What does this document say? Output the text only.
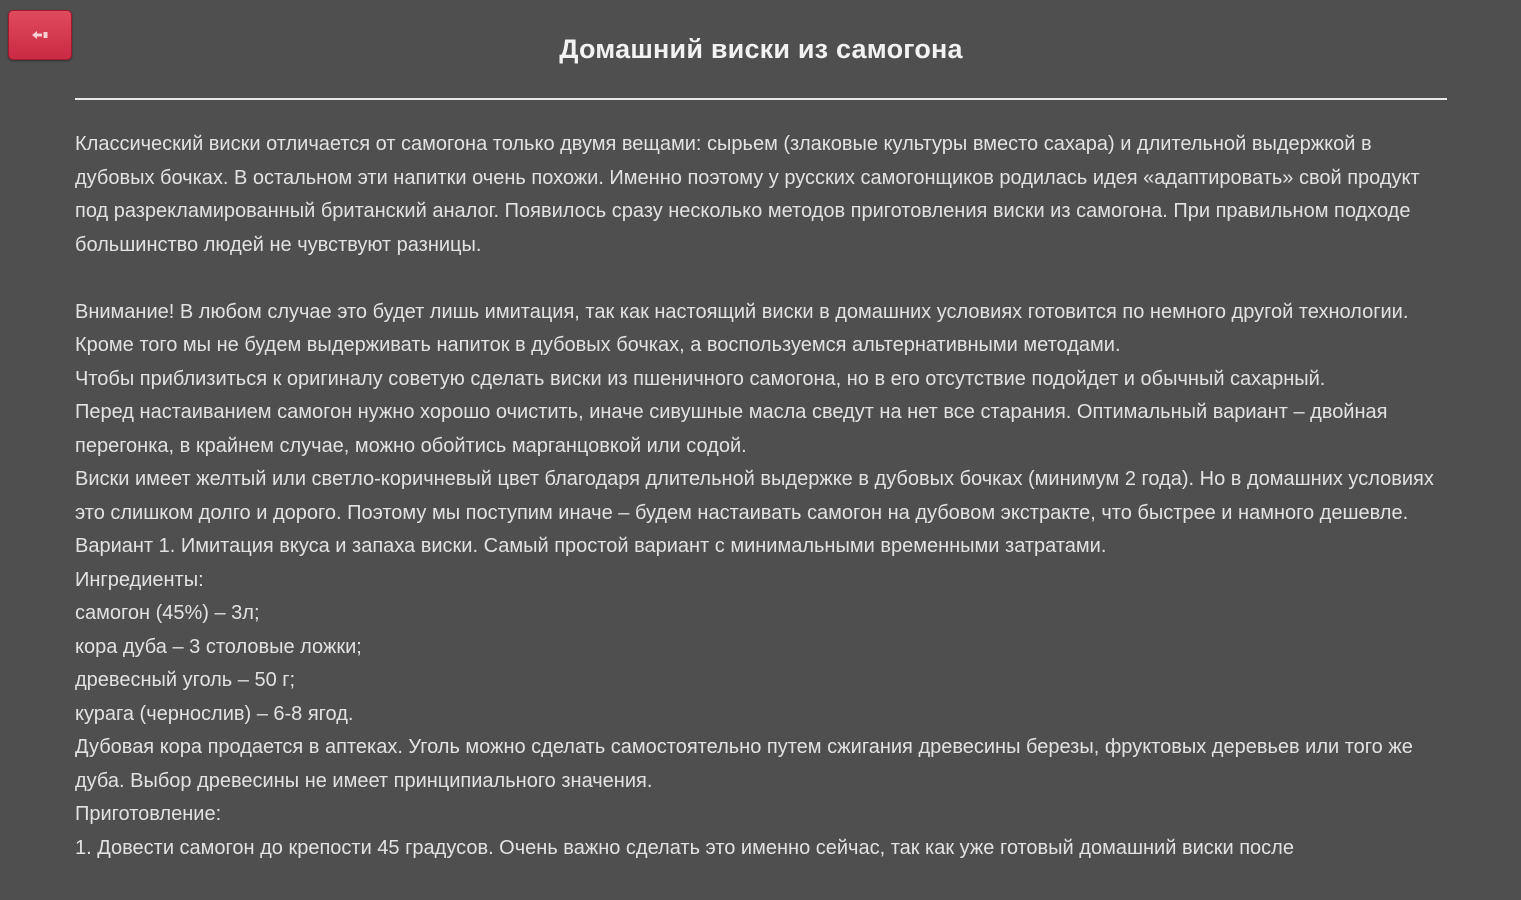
Домашний виски из самогона

Классический виски отличается от самогона только двумя вещами: сырьем (злаковые культуры вместо сахара) и длительной выдержкой в дубовых бочках. В остальном эти напитки очень похожи. Именно поэтому у русских самогонщиков родилась идея «адаптировать» свой продукт под разрекламированный британский аналог. Появилось сразу несколько методов приготовления виски из самогона. При правильном подходе большинство людей не чувствуют разницы.

Внимание! В любом случае это будет лишь имитация, так как настоящий виски в домашних условиях готовится по немного другой технологии. Кроме того мы не будем выдерживать напиток в дубовых бочках, а воспользуемся альтернативными методами.

Чтобы приблизиться к оригиналу советую сделать виски из пшеничного самогона, но в его отсутствие подойдет и обычный сахарный.

Перед настаиванием самогон нужно хорошо очистить, иначе сивушные масла сведут на нет все старания. Оптимальный вариант – двойная перегонка, в крайнем случае, можно обойтись марганцовкой или содой.

Виски имеет желтый или светло-коричневый цвет благодаря длительной выдержке в дубовых бочках (минимум 2 года). Но в домашних условиях это слишком долго и дорого. Поэтому мы поступим иначе – будем настаивать самогон на дубовом экстракте, что быстрее и намного дешевле.

Вариант 1. Имитация вкуса и запаха виски. Самый простой вариант с минимальными временными затратами.

Ингредиенты:

самогон (45%) – 3л;

кора дуба – 3 столовые ложки;

древесный уголь – 50 г;

курага (чернослив) – 6-8 ягод.

Дубовая кора продается в аптеках. Уголь можно сделать самостоятельно путем сжигания древесины березы, фруктовых деревьев или того же дуба. Выбор древесины не имеет принципиального значения.

Приготовление:

1. Довести самогон до крепости 45 градусов. Очень важно сделать это именно сейчас, так как уже готовый домашний виски после
